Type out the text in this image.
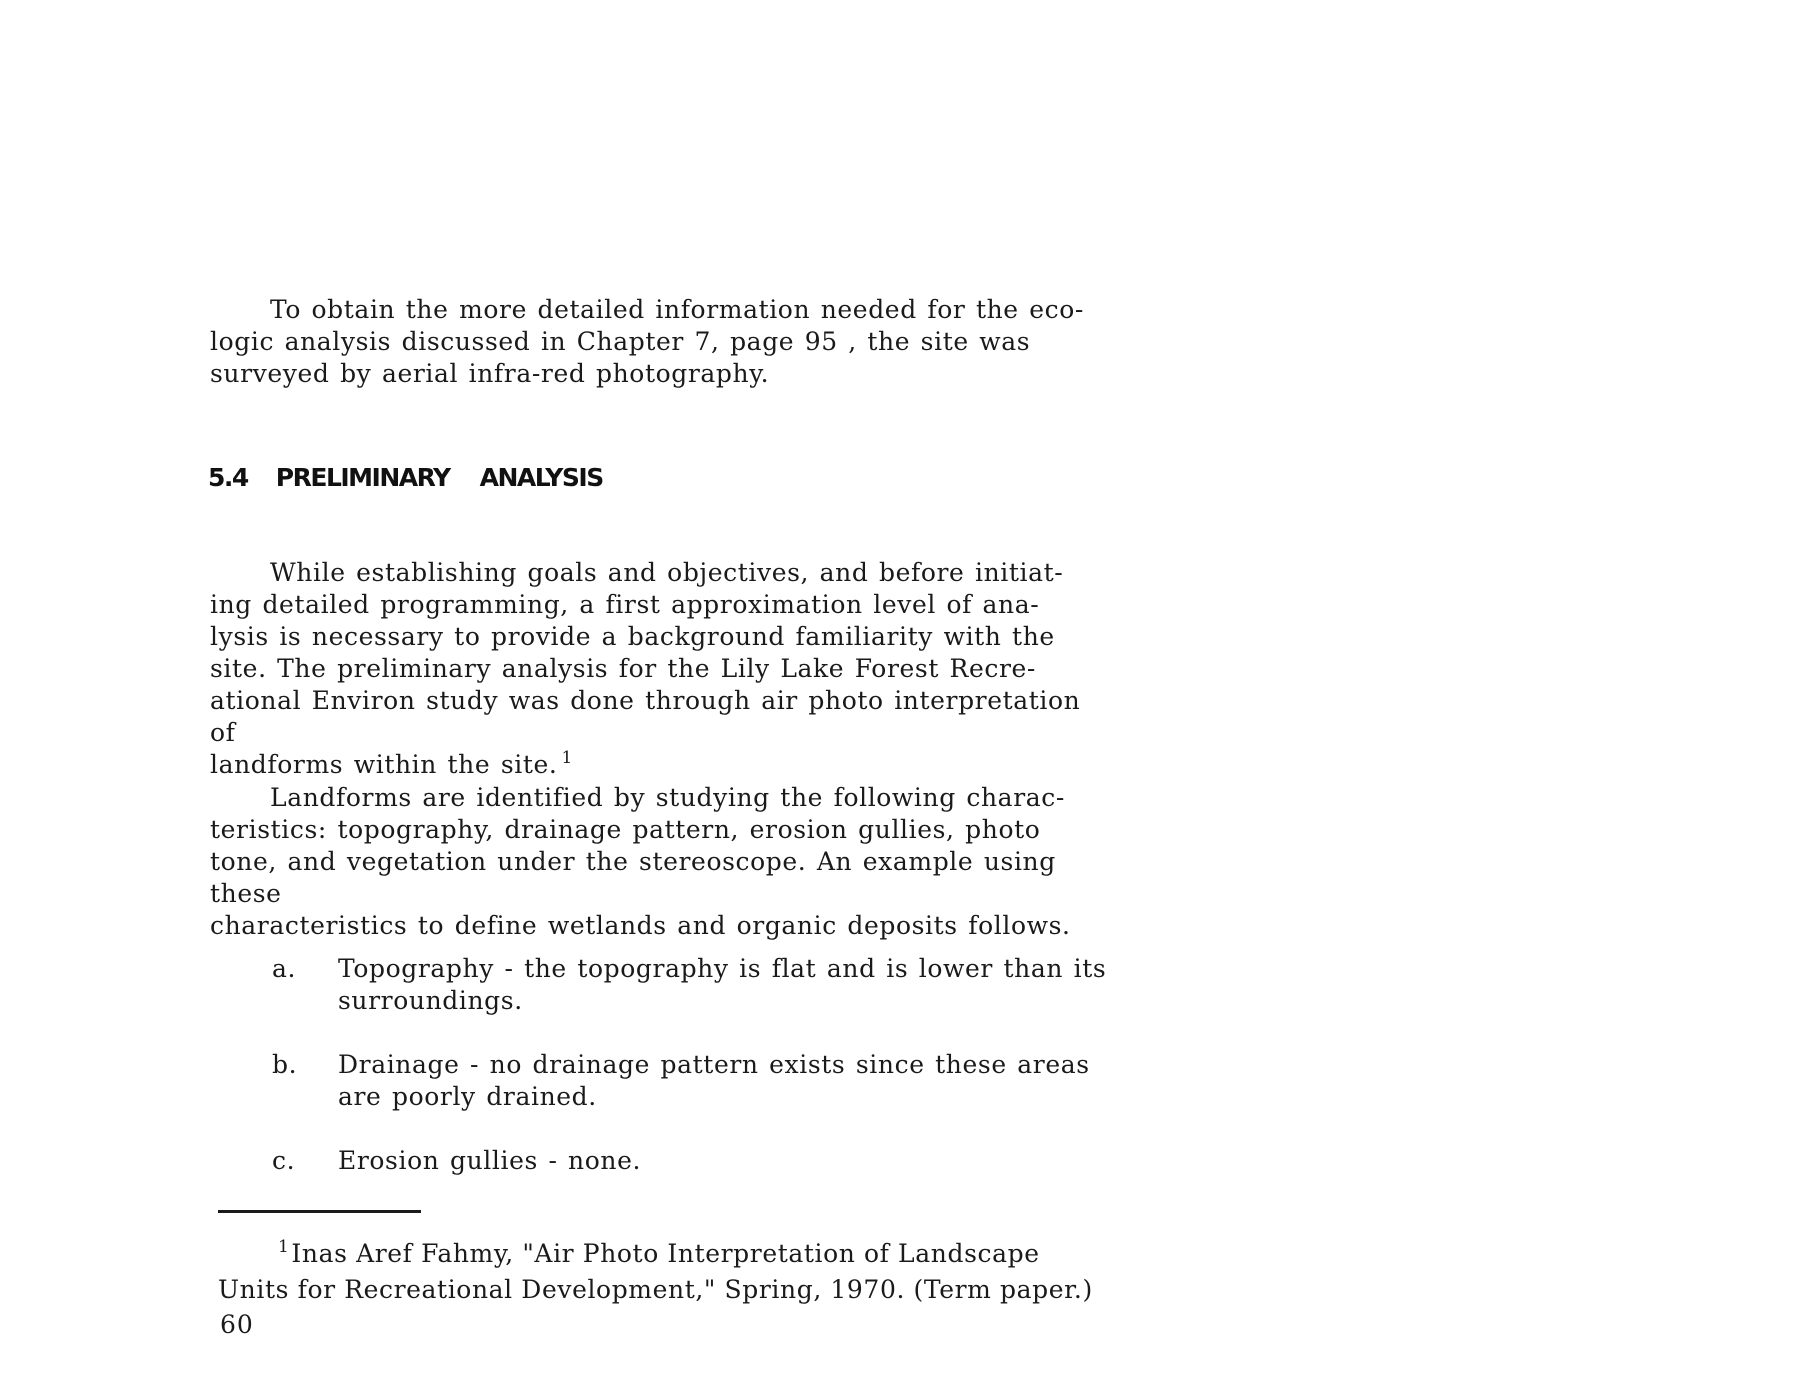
To obtain the more detailed information needed for the eco-
logic analysis discussed in Chapter 7, page 95 , the site was
surveyed by aerial infra-red photography.

5.4 PRELIMINARY ANALYSIS

While establishing goals and objectives, and before initiat-
ing detailed programming, a first approximation level of ana-
lysis is necessary to provide a background familiarity with the
site. The preliminary analysis for the Lily Lake Forest Recre-
ational Environ study was done through air photo interpretation of
landforms within the site. $^1$

Landforms are identified by studying the following charac-
teristics: topography, drainage pattern, erosion gullies, photo
tone, and vegetation under the stereoscope. An example using these
characteristics to define wetlands and organic deposits follows.

a. Topography - the topography is flat and is lower than its
surroundings.
b. Drainage - no drainage pattern exists since these areas
are poorly drained.
c. Erosion gullies - none.

$^1$Inas Aref Fahmy, "Air Photo Interpretation of Landscape
Units for Recreational Development," Spring, 1970. (Term paper.)

60
